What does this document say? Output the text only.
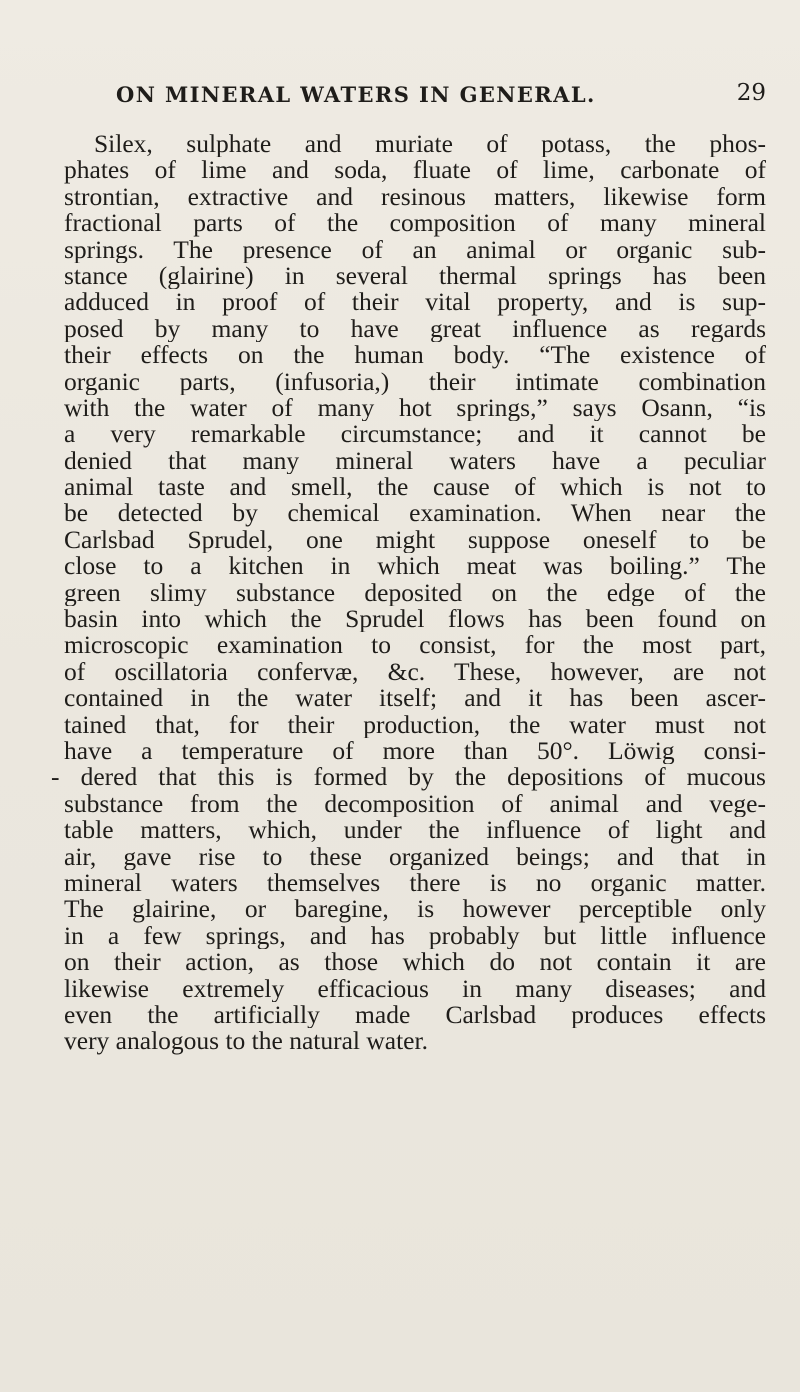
ON MINERAL WATERS IN GENERAL.	29
Silex, sulphate and muriate of potass, the phos-
phates of lime and soda, fluate of lime, carbonate of
strontian, extractive and resinous matters, likewise form
fractional parts of the composition of many mineral
springs. The presence of an animal or organic sub-
stance (glairine) in several thermal springs has been
adduced in proof of their vital property, and is sup-
posed by many to have great influence as regards
their effects on the human body. “The existence of
organic parts, (infusoria,) their intimate combination
with the water of many hot springs,” says Osann, “is
a very remarkable circumstance; and it cannot be
denied that many mineral waters have a peculiar
animal taste and smell, the cause of which is not to
be detected by chemical examination. When near the
Carlsbad Sprudel, one might suppose oneself to be
close to a kitchen in which meat was boiling.” The
green slimy substance deposited on the edge of the
basin into which the Sprudel flows has been found on
microscopic examination to consist, for the most part,
of oscillatoria confervæ, &c. These, however, are not
contained in the water itself; and it has been ascer-
tained that, for their production, the water must not
have a temperature of more than 50°. Löwig consi-
- dered that this is formed by the depositions of mucous
substance from the decomposition of animal and vege-
table matters, which, under the influence of light and
air, gave rise to these organized beings; and that in
mineral waters themselves there is no organic matter.
The glairine, or baregine, is however perceptible only
in a few springs, and has probably but little influence
on their action, as those which do not contain it are
likewise extremely efficacious in many diseases; and
even the artificially made Carlsbad produces effects
very analogous to the natural water.
